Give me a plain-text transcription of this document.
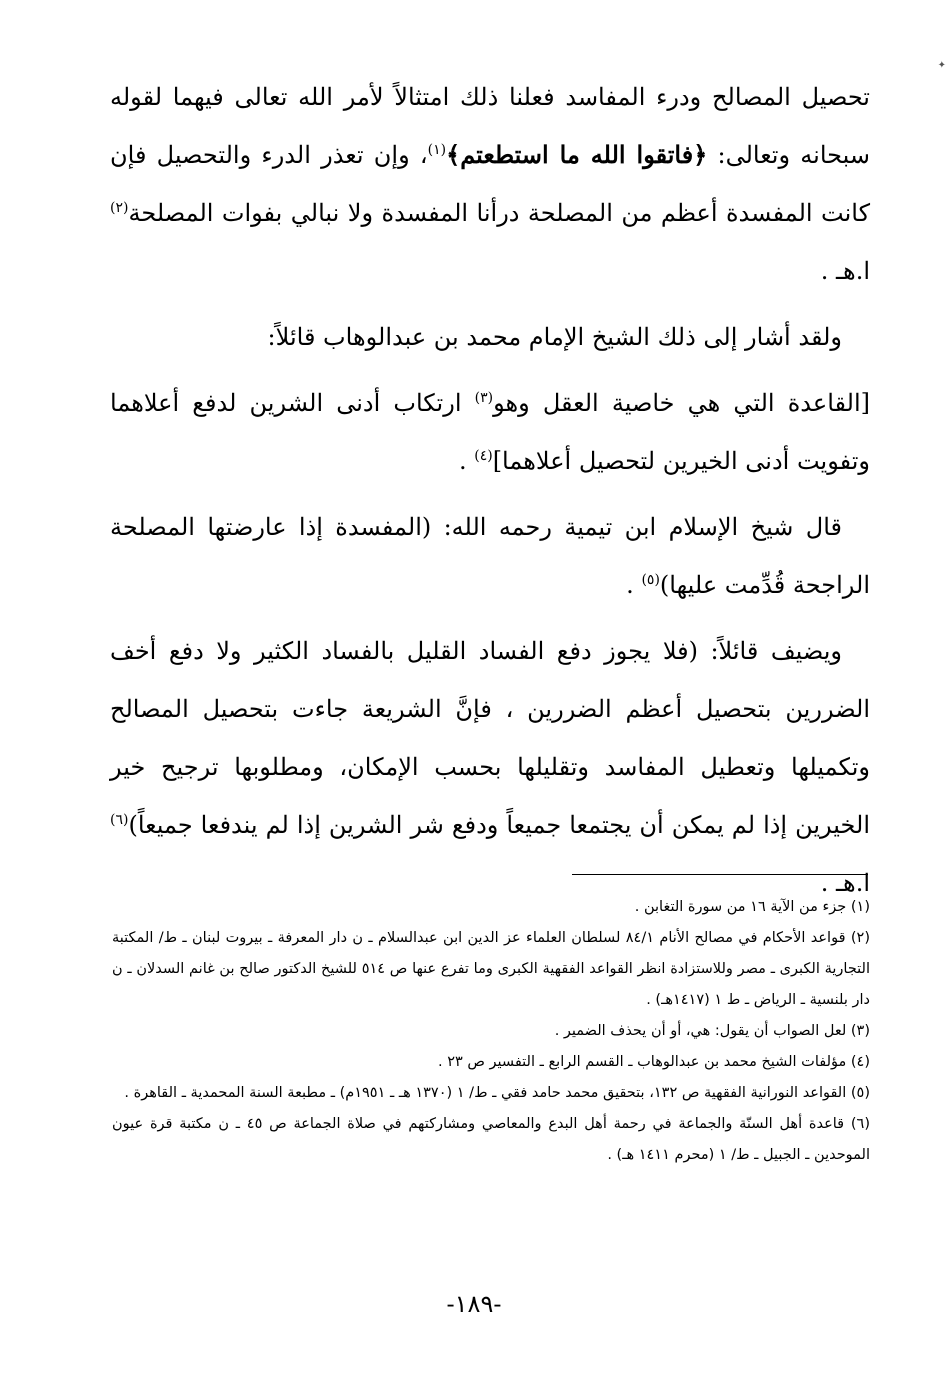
✦

تحصيل المصالح ودرء المفاسد فعلنا ذلك امتثالاً لأمر الله تعالى فيهما لقوله سبحانه وتعالى: ﴿فاتقوا الله ما استطعتم﴾$^{(١)}$، وإن تعذر الدرء والتحصيل فإن كانت المفسدة أعظم من المصلحة درأنا المفسدة ولا نبالي بفوات المصلحة$^{(٢)}$ ا.هـ .

ولقد أشار إلى ذلك الشيخ الإمام محمد بن عبدالوهاب قائلاً:

[القاعدة التي هي خاصية العقل وهو$^{(٣)}$ ارتكاب أدنى الشرين لدفع أعلاهما وتفويت أدنى الخيرين لتحصيل أعلاهما]$^{(٤)}$ .

قال شيخ الإسلام ابن تيمية رحمه الله: (المفسدة إذا عارضتها المصلحة الراجحة قُدِّمت عليها)$^{(٥)}$ .

ويضيف قائلاً: (فلا يجوز دفع الفساد القليل بالفساد الكثير ولا دفع أخف الضررين بتحصيل أعظم الضررين ، فإنَّ الشريعة جاءت بتحصيل المصالح وتكميلها وتعطيل المفاسد وتقليلها بحسب الإمكان، ومطلوبها ترجيح خير الخيرين إذا لم يمكن أن يجتمعا جميعاً ودفع شر الشرين إذا لم يندفعا جميعاً)$^{(٦)}$ ا.هـ .

(١) جزء من الآية ١٦ من سورة التغابن .

(٢) قواعد الأحكام في مصالح الأنام ٨٤/١ لسلطان العلماء عز الدين ابن عبدالسلام ـ ن دار المعرفة ـ بيروت لبنان ـ ط/ المكتبة التجارية الكبرى ـ مصر وللاستزادة انظر القواعد الفقهية الكبرى وما تفرع عنها ص ٥١٤ للشيخ الدكتور صالح بن غانم السدلان ـ ن دار بلنسية ـ الرياض ـ ط ١ (١٤١٧هـ) .

(٣) لعل الصواب أن يقول: هي، أو أن يحذف الضمير .

(٤) مؤلفات الشيخ محمد بن عبدالوهاب ـ القسم الرابع ـ التفسير ص ٢٣ .

(٥) القواعد النورانية الفقهية ص ١٣٢، بتحقيق محمد حامد فقي ـ ط/ ١ (١٣٧٠ هـ ـ ١٩٥١م) ـ مطبعة السنة المحمدية ـ القاهرة .

(٦) قاعدة أهل السنّة والجماعة في رحمة أهل البدع والمعاصي ومشاركتهم في صلاة الجماعة ص ٤٥ ـ ن مكتبة قرة عيون الموحدين ـ الجبيل ـ ط/ ١ (محرم ١٤١١ هـ) .

-١٨٩-
